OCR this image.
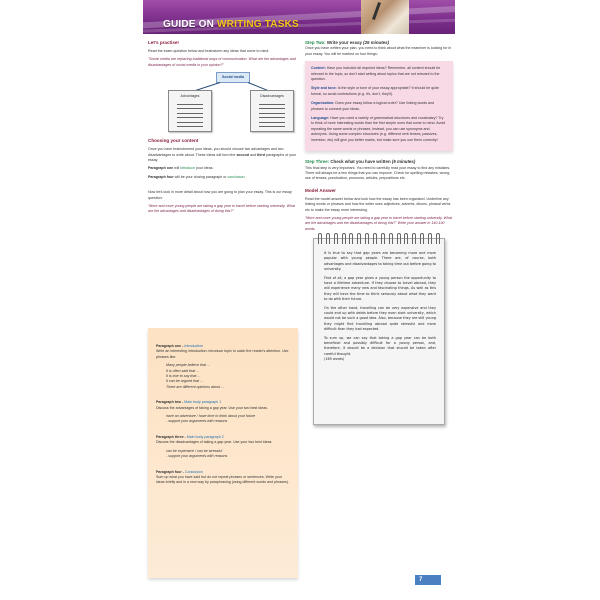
GUIDE ON WRITING TASKS
Let's practise!

Read the exam question below and brainstorm any ideas that come to mind.

"Social media are replacing traditional ways of communication. What are the advantages and disadvantages of social media in your opinion?"

Social media
Advantages	Disadvantages
Choosing your content

Once you have brainstormed your ideas, you should choose two advantages and two disadvantages to write about. These ideas will form the second and third paragraphs of your essay.

Paragraph one will introduce your ideas.

Paragraph four will be your closing paragraph or conclusion.

Now let's look in more detail about how you are going to plan your essay. This is our essay question:

"More and more young people are taking a gap year to travel before starting university. What are the advantages and disadvantages of doing this?"

Paragraph one - Introduction

Write an interesting introduction: introduce topic to catch the reader's attention. Use phrases like:

Many people believe that ...
It is often said that ...
It is true to say that ...
It can be argued that ...
There are different opinions about ...

Paragraph two - Main body paragraph 1

Discuss the advantages of taking a gap year. Use your two best ideas.

have an adventure / have time to think about your future
- support your arguments with reasons

Paragraph three - Main body paragraph 2

Discuss the disadvantages of taking a gap year. Use your two best ideas.

can be expensive / can be stressful
- support your arguments with reasons

Paragraph four - Conclusion

Sum up what you have said but do not repeat phrases or sentences. Write your ideas briefly and in a new way by paraphrasing (using different words and phrases).

Step Two: Write your essay (25 minutes)

Once you have written your plan, you need to think about what the examiner is looking for in your essay. You will be marked on four things:

Content: Have you included all required ideas? Remember, all content should be relevant to the topic, so don't start writing about topics that are not relevant to the question.

Style and tone: Is the style or tone of your essay appropriate? It should be quite formal, so avoid contractions (e.g. it's, don't, they'll).

Organisation: Does your essay follow a logical order? Use linking words and phrases to connect your ideas.

Language: Have you used a variety of grammatical structures and vocabulary? Try to think of more interesting words than the first simple ones that come to mind. Avoid repeating the same words or phrases, instead, you can use synonyms and antonyms. Using some complex structures (e.g. different verb tenses, passives, inversion, etc) will give you better marks, but make sure you use them correctly!

Step Three: Check what you have written (5 minutes)

This final step is very important. You need to carefully read your essay to find any mistakes. There will always be a few things that you can improve. Check for spelling mistakes, wrong use of tenses, punctuation, pronouns, articles, prepositions etc.

Model Answer

Read the model answer below and look how the essay has been organised. Underline any linking words or phrases and how the writer uses adjectives, adverbs, idioms, phrasal verbs etc to make the essay more interesting.

"More and more young people are taking a gap year to travel before starting university. What are the advantages and the disadvantages of doing this?" Write your answer in 140-190 words.

It is true to say that gap years are becoming more and more popular with young people. There are, of course, both advantages and disadvantages to taking time out before going to university.

First of all, a gap year gives a young person the opportunity to have a lifetime adventure. If they choose to travel abroad, they will experience many new and fascinating things. As well as this they will have the time to think seriously about what they want to do with their future.

On the other hand, travelling can be very expensive and they could end up with debts before they even start university, which would not be such a good idea. Also, because they are still young they might find travelling abroad quite stressful and more difficult than they had expected.

To sum up, we can say that taking a gap year can be both beneficial and possibly difficult for a young person, and, therefore, it should be a decision that should be taken after careful thought.

(169 words)

7
